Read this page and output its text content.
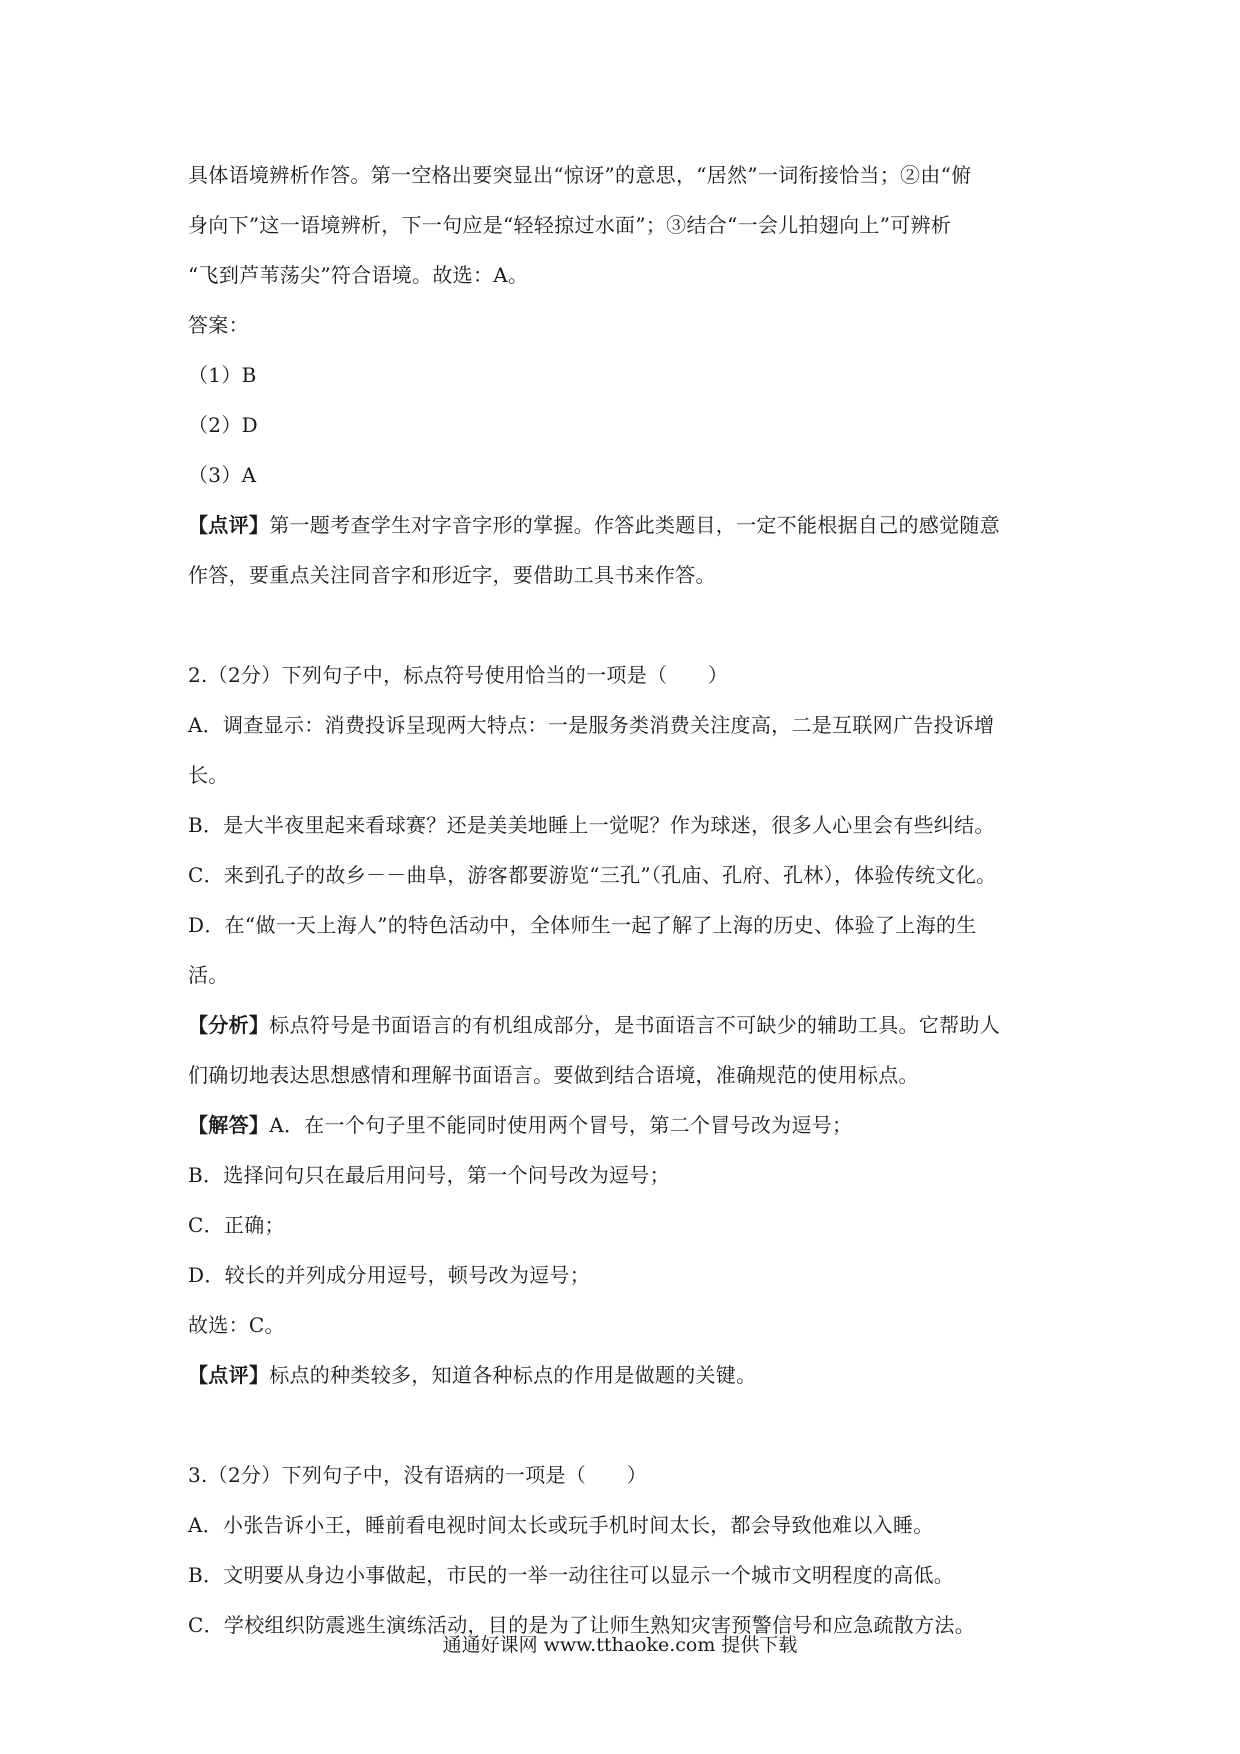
具体语境辨析作答。第一空格出要突显出“惊讶”的意思，“居然”一词衔接恰当；②由“俯
身向下”这一语境辨析，下一句应是“轻轻掠过水面”；③结合“一会儿拍翅向上”可辨析
“飞到芦苇荡尖”符合语境。故选：A。
答案：
（1）B
（2）D
（3）A
【点评】第一题考查学生对字音字形的掌握。作答此类题目，一定不能根据自己的感觉随意
作答，要重点关注同音字和形近字，要借助工具书来作答。
2.（2分）下列句子中，标点符号使用恰当的一项是（　　）
A．调查显示：消费投诉呈现两大特点：一是服务类消费关注度高，二是互联网广告投诉增
长。
B．是大半夜里起来看球赛？还是美美地睡上一觉呢？作为球迷，很多人心里会有些纠结。
C．来到孔子的故乡－－曲阜，游客都要游览“三孔”（孔庙、孔府、孔林），体验传统文化。
D．在“做一天上海人”的特色活动中，全体师生一起了解了上海的历史、体验了上海的生
活。
【分析】标点符号是书面语言的有机组成部分，是书面语言不可缺少的辅助工具。它帮助人
们确切地表达思想感情和理解书面语言。要做到结合语境，准确规范的使用标点。
【解答】A．在一个句子里不能同时使用两个冒号，第二个冒号改为逗号；
B．选择问句只在最后用问号，第一个问号改为逗号；
C．正确；
D．较长的并列成分用逗号，顿号改为逗号；
故选：C。
【点评】标点的种类较多，知道各种标点的作用是做题的关键。
3.（2分）下列句子中，没有语病的一项是（　　）
A．小张告诉小王，睡前看电视时间太长或玩手机时间太长，都会导致他难以入睡。
B．文明要从身边小事做起，市民的一举一动往往可以显示一个城市文明程度的高低。
C．学校组织防震逃生演练活动，目的是为了让师生熟知灾害预警信号和应急疏散方法。
通通好课网 www.tthaoke.com 提供下载
